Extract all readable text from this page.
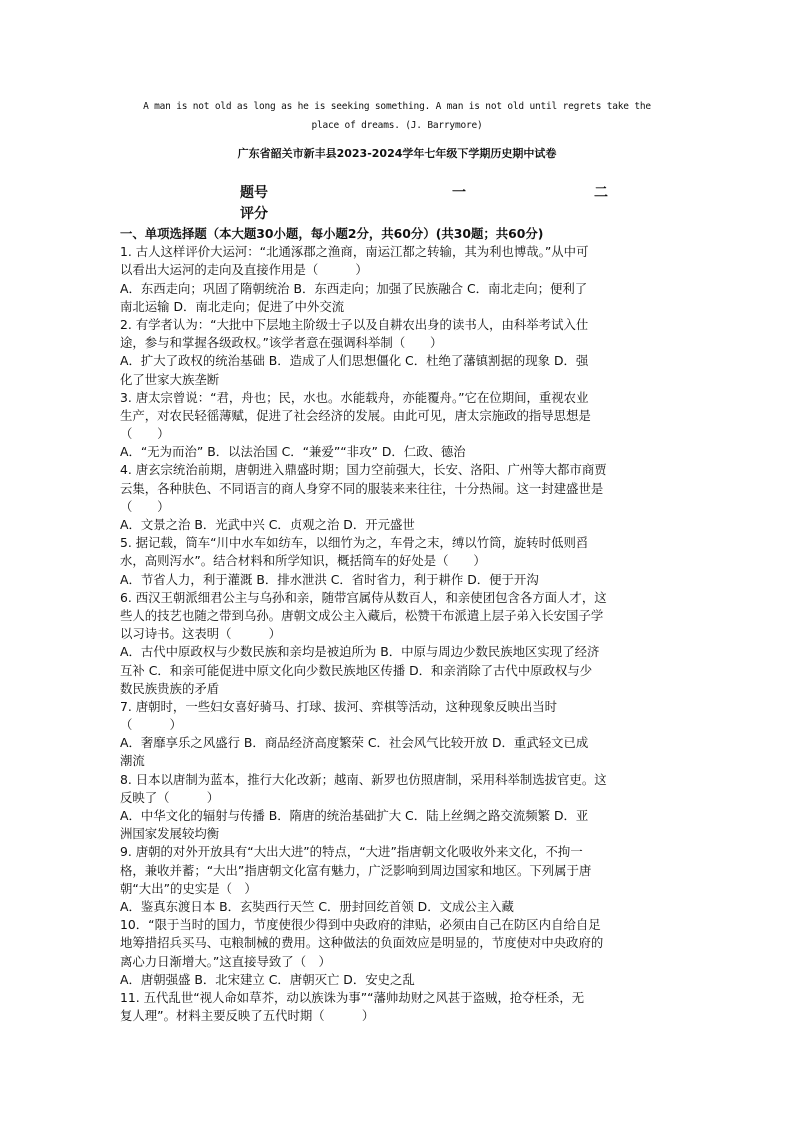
A man is not old as long as he is seeking something. A man is not old until regrets take the
place of dreams. (J. Barrymore)
广东省韶关市新丰县2023-2024学年七年级下学期历史期中试卷
题号	一	二
评分
一、单项选择题（本大题30小题，每小题2分，共60分）(共30题；共60分)
1. 古人这样评价大运河：“北通涿郡之渔商，南运江都之转输，其为利也博哉。”从中可
以看出大运河的走向及直接作用是（　　　）
A．东西走向；巩固了隋朝统治 B．东西走向；加强了民族融合 C．南北走向；便利了
南北运输 D．南北走向；促进了中外交流
2. 有学者认为：“大批中下层地主阶级士子以及自耕农出身的读书人，由科举考试入仕
途，参与和掌握各级政权。”该学者意在强调科举制（　　）
A．扩大了政权的统治基础 B．造成了人们思想僵化 C．杜绝了藩镇割据的现象 D．强
化了世家大族垄断
3. 唐太宗曾说：“君，舟也；民，水也。水能载舟，亦能覆舟。”它在位期间，重视农业
生产，对农民轻徭薄赋，促进了社会经济的发展。由此可见，唐太宗施政的指导思想是
（　　）
A．“无为而治” B．以法治国 C．“兼爱”“非攻” D．仁政、德治
4. 唐玄宗统治前期，唐朝进入鼎盛时期；国力空前强大，长安、洛阳、广州等大都市商贾
云集，各种肤色、不同语言的商人身穿不同的服装来来往往，十分热闹。这一封建盛世是
（　　）
A．文景之治 B．光武中兴 C．贞观之治 D．开元盛世
5. 据记载，筒车“川中水车如纺车，以细竹为之，车骨之末，缚以竹筒，旋转时低则舀
水，高则泻水”。结合材料和所学知识，概括筒车的好处是（　　）
A．节省人力，利于灌溉 B．排水泄洪 C．省时省力，利于耕作 D．便于开沟
6. 西汉王朝派细君公主与乌孙和亲，随带宫属侍从数百人，和亲使团包含各方面人才，这
些人的技艺也随之带到乌孙。唐朝文成公主入藏后，松赞干布派遣上层子弟入长安国子学
以习诗书。这表明（　　　）
A．古代中原政权与少数民族和亲均是被迫所为 B．中原与周边少数民族地区实现了经济
互补 C．和亲可能促进中原文化向少数民族地区传播 D．和亲消除了古代中原政权与少
数民族贵族的矛盾
7. 唐朝时，一些妇女喜好骑马、打球、拔河、弈棋等活动，这种现象反映出当时
（　　　）
A．奢靡享乐之风盛行 B．商品经济高度繁荣 C．社会风气比较开放 D．重武轻文已成
潮流
8. 日本以唐制为蓝本，推行大化改新；越南、新罗也仿照唐制，采用科举制选拔官吏。这
反映了（　　　）
A．中华文化的辐射与传播 B．隋唐的统治基础扩大 C．陆上丝绸之路交流频繁 D．亚
洲国家发展较均衡
9. 唐朝的对外开放具有“大出大进”的特点，“大进”指唐朝文化吸收外来文化，不拘一
格，兼收并蓄；“大出”指唐朝文化富有魅力，广泛影响到周边国家和地区。下列属于唐
朝“大出”的史实是（　）
A．鉴真东渡日本 B．玄奘西行天竺 C．册封回纥首领 D．文成公主入藏
10．“限于当时的国力，节度使很少得到中央政府的津贴，必须由自己在防区内自给自足
地筹措招兵买马、屯粮制械的费用。这种做法的负面效应是明显的，节度使对中央政府的
离心力日渐增大。”这直接导致了（　）
A．唐朝强盛 B．北宋建立 C．唐朝灭亡 D．安史之乱
11. 五代乱世“视人命如草芥，动以族诛为事”“藩帅劫财之风甚于盗贼，抢夺枉杀，无
复人理”。材料主要反映了五代时期（　　　）
